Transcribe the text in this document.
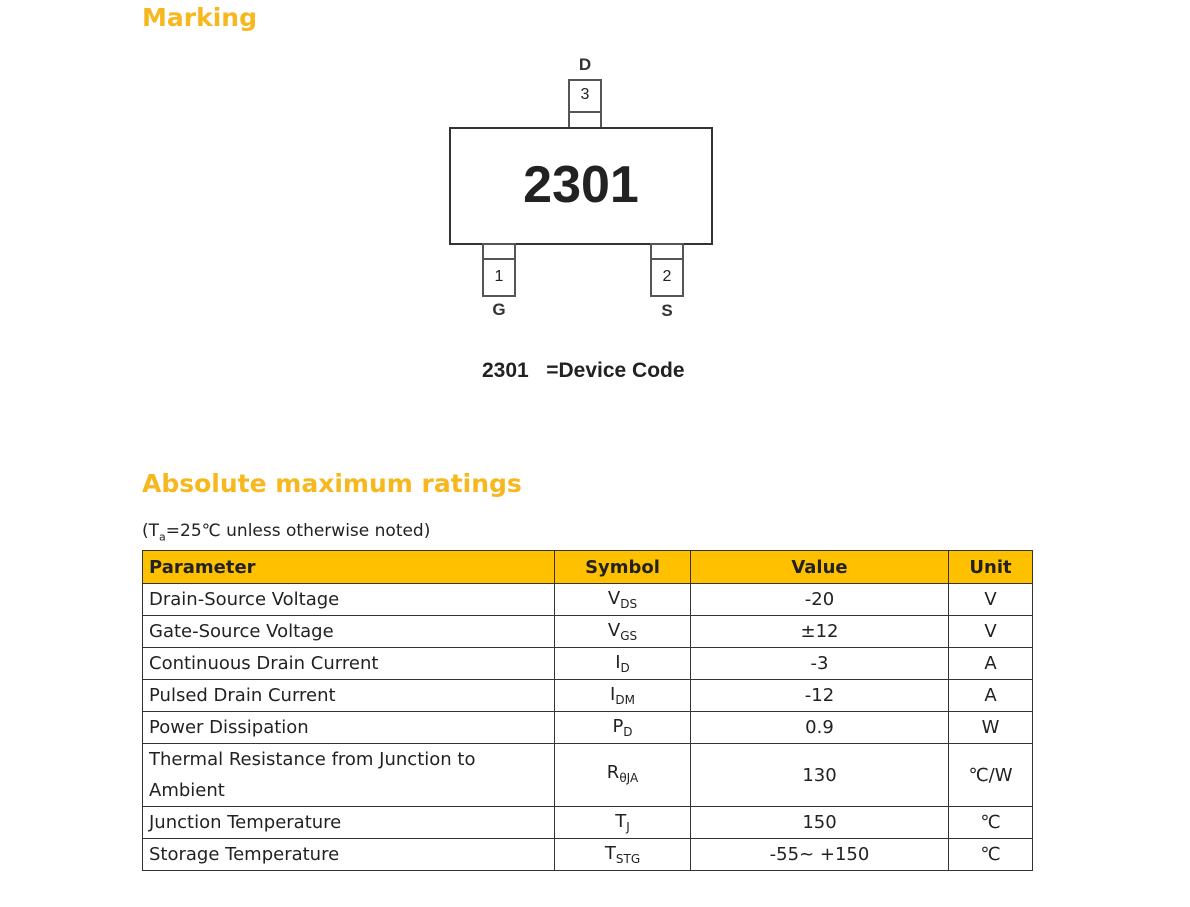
Marking
D
3
2301
1
G
2
S
2301 =Device Code
Absolute maximum ratings
($T_a=25℃$ unless otherwise noted)
Parameter	Symbol	Value	Unit
Drain-Source Voltage	$V_{DS}$	-20	V
Gate-Source Voltage	$V_{GS}$	±12	V
Continuous Drain Current	$I_D$	-3	A
Pulsed Drain Current	$I_{DM}$	-12	A
Power Dissipation	$P_D$	0.9	W
Thermal Resistance from Junction to
Ambient	$R_{\theta JA}$	130	℃/W
Junction Temperature	$T_J$	150	℃
Storage Temperature	$T_{STG}$	-55~ +150	℃
